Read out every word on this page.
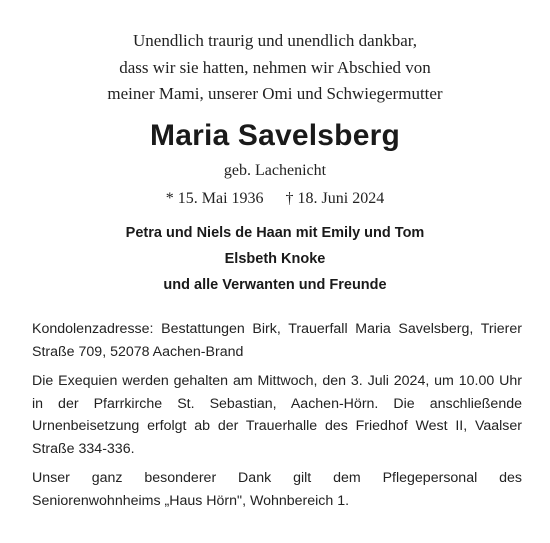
Unendlich traurig und unendlich dankbar,
dass wir sie hatten, nehmen wir Abschied von
meiner Mami, unserer Omi und Schwiegermutter
Maria Savelsberg
geb. Lachenicht
* 15. Mai 1936 † 18. Juni 2024
Petra und Niels de Haan mit Emily und Tom
Elsbeth Knoke
und alle Verwanten und Freunde
Kondolenzadresse: Bestattungen Birk, Trauerfall Maria Savelsberg, Trierer Straße 709, 52078 Aachen-Brand
Die Exequien werden gehalten am Mittwoch, den 3. Juli 2024, um 10.00 Uhr in der Pfarrkirche St. Sebastian, Aachen-Hörn. Die anschließende Urnenbeisetzung erfolgt ab der Trauerhalle des Friedhof West II, Vaalser Straße 334-336.
Unser ganz besonderer Dank gilt dem Pflegepersonal des Seniorenwohnheims „Haus Hörn", Wohnbereich 1.
